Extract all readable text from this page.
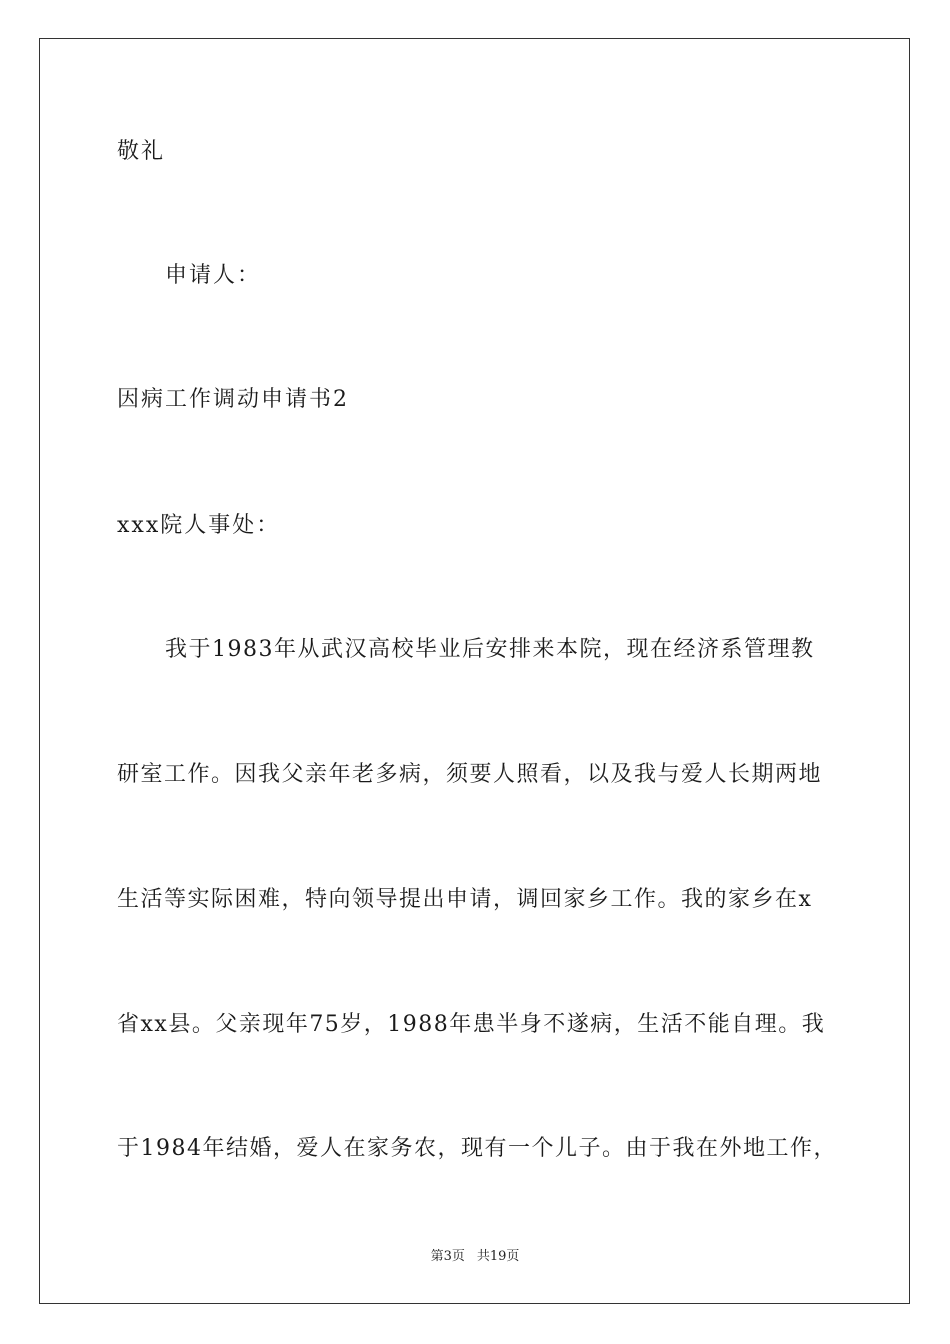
敬礼
申请人：
因病工作调动申请书2
xxx院人事处：
我于1983年从武汉高校毕业后安排来本院，现在经济系管理教
研室工作。因我父亲年老多病，须要人照看，以及我与爱人长期两地
生活等实际困难，特向领导提出申请，调回家乡工作。我的家乡在x
省xx县。父亲现年75岁，1988年患半身不遂病，生活不能自理。我
于1984年结婚，爱人在家务农，现有一个儿子。由于我在外地工作，
第3页 共19页
